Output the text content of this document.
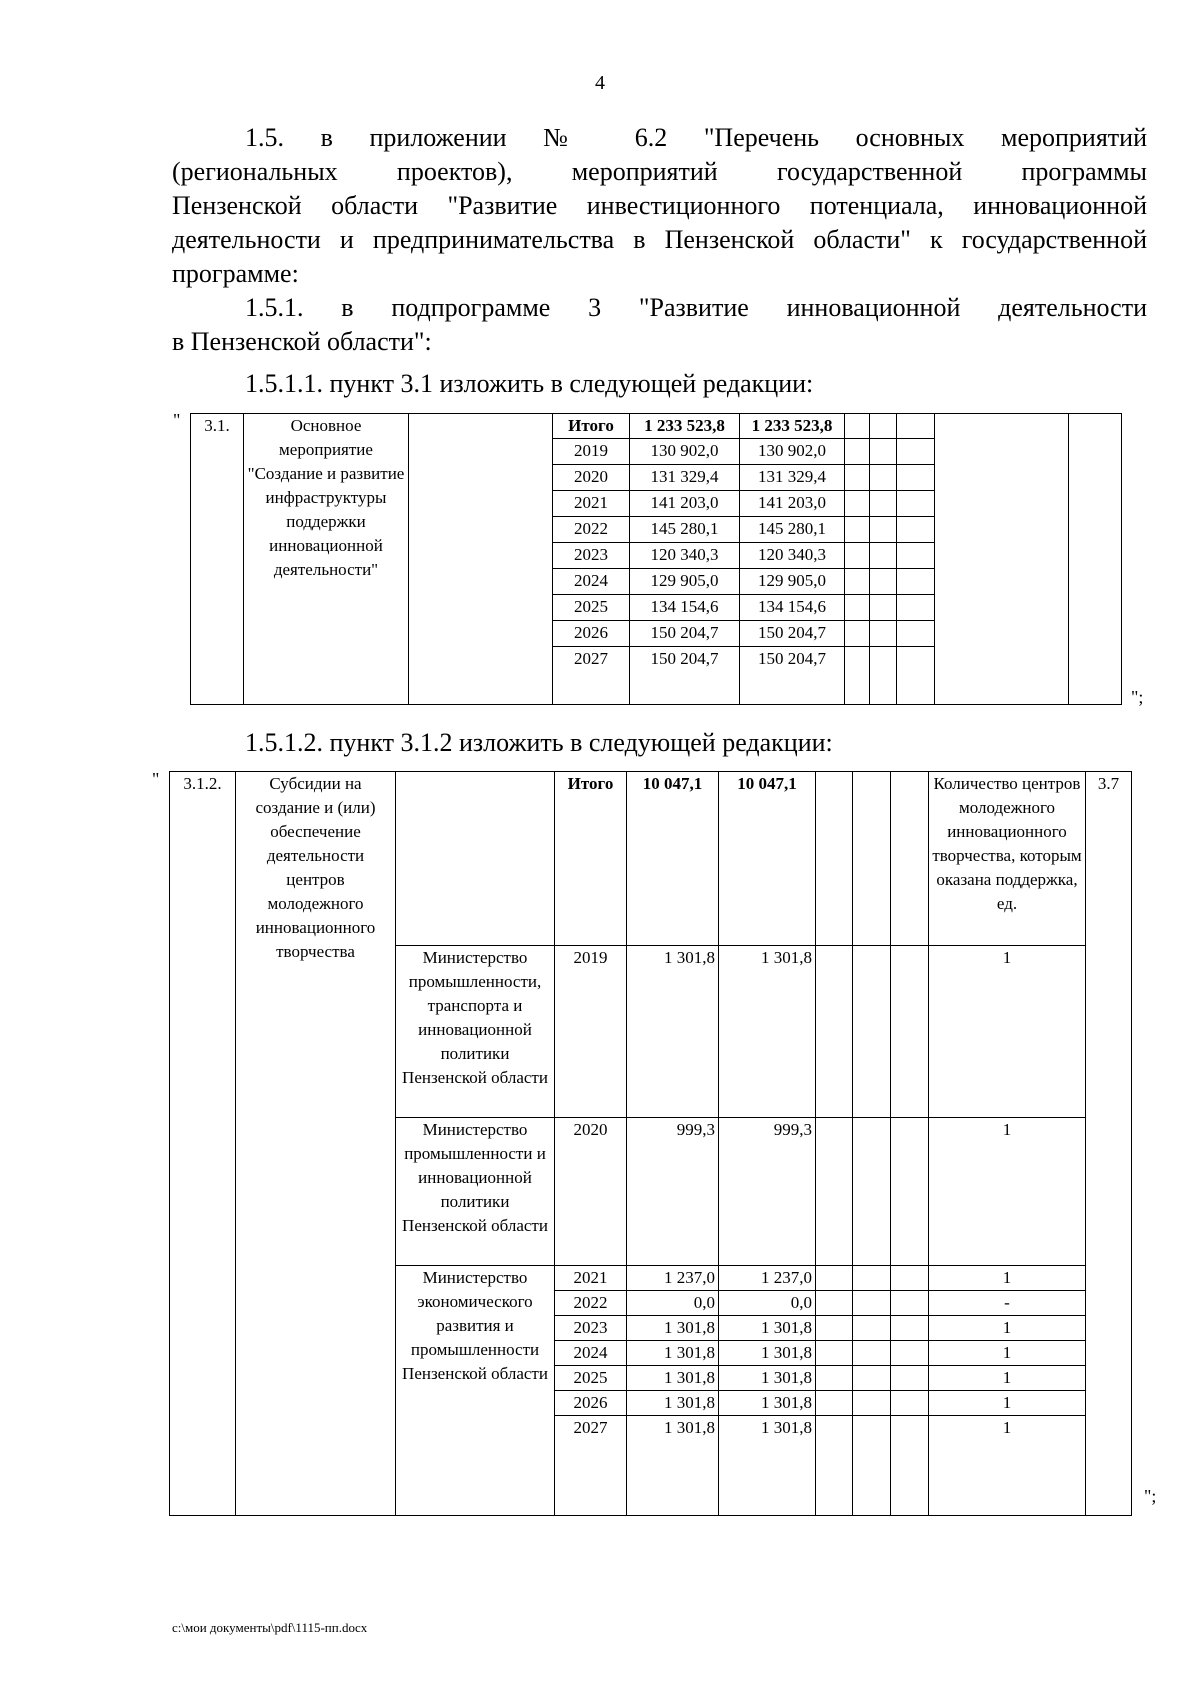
4
1.5. в приложении № 6.2 "Перечень основных мероприятий
(региональных проектов), мероприятий государственной программы
Пензенской области "Развитие инвестиционного потенциала, инновационной
деятельности и предпринимательства в Пензенской области" к государственной
программе:
1.5.1. в подпрограмме 3 "Развитие инновационной деятельности
в Пензенской области":
1.5.1.1. пункт 3.1 изложить в следующей редакции:
" 3.1.	Основное мероприятие "Создание и развитие инфраструктуры поддержки инновационной деятельности"		Итого	1 233 523,8	1 233 523,8					
			2019	130 902,0	130 902,0					
			2020	131 329,4	131 329,4					
			2021	141 203,0	141 203,0					
			2022	145 280,1	145 280,1					
			2023	120 340,3	120 340,3					
			2024	129 905,0	129 905,0					
			2025	134 154,6	134 154,6					
			2026	150 204,7	150 204,7					
			2027	150 204,7	150 204,7					

";
1.5.1.2. пункт 3.1.2 изложить в следующей редакции:
" 3.1.2.	Субсидии на создание и (или) обеспечение деятельности центров молодежного инновационного творчества		Итого	10 047,1	10 047,1				Количество центров молодежного инновационного творчества, которым оказана поддержка, ед.	3.7
		Министерство промышленности, транспорта и инновационной политики Пензенской области	2019	1 301,8	1 301,8				1	
		Министерство промышленности и инновационной политики Пензенской области	2020	999,3	999,3				1	
		Министерство экономического развития и промышленности Пензенской области	2021	1 237,0	1 237,0				1	
			2022	0,0	0,0				-	
			2023	1 301,8	1 301,8				1	
			2024	1 301,8	1 301,8				1	
			2025	1 301,8	1 301,8				1	
			2026	1 301,8	1 301,8				1	
			2027	1 301,8	1 301,8				1	

";
c:\мои документы\pdf\1115-пп.docx
